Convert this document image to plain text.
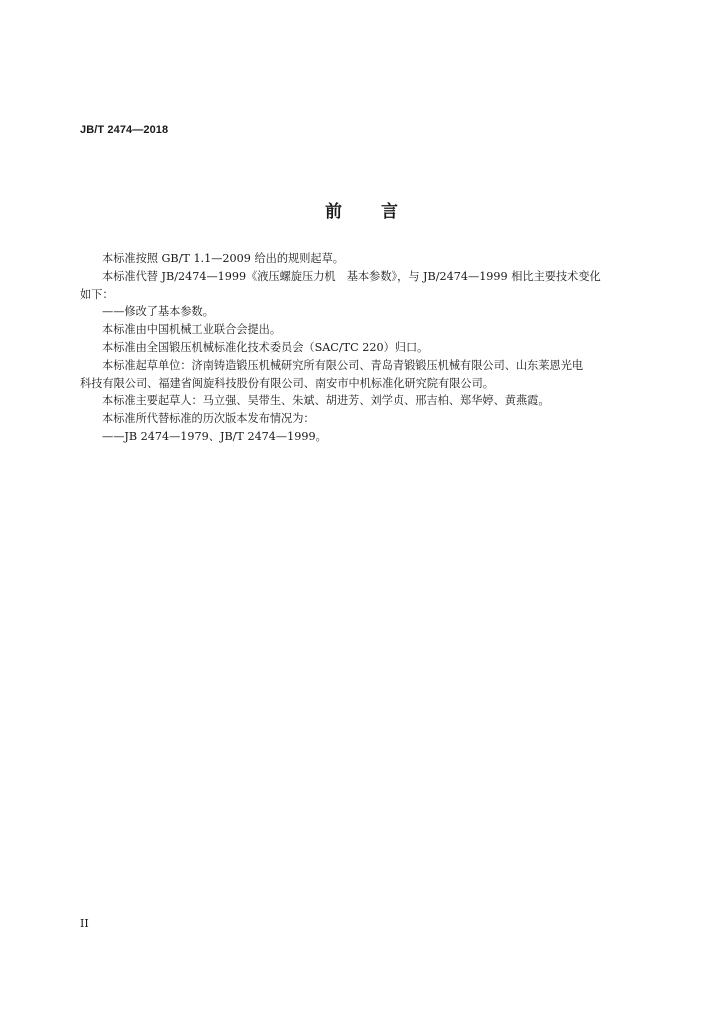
JB/T 2474—2018
前 言

本标准按照 GB/T 1.1—2009 给出的规则起草。

本标准代替 JB/2474—1999《液压螺旋压力机　基本参数》，与 JB/2474—1999 相比主要技术变化

如下：

——修改了基本参数。

本标准由中国机械工业联合会提出。

本标准由全国锻压机械标准化技术委员会（SAC/TC 220）归口。

本标准起草单位：济南铸造锻压机械研究所有限公司、青岛青锻锻压机械有限公司、山东莱恩光电

科技有限公司、福建省闽旋科技股份有限公司、南安市中机标准化研究院有限公司。

本标准主要起草人：马立强、吴带生、朱斌、胡进芳、刘学贞、邢吉柏、郑华婷、黄燕霞。

本标准所代替标准的历次版本发布情况为：

——JB 2474—1979、JB/T 2474—1999。

II
